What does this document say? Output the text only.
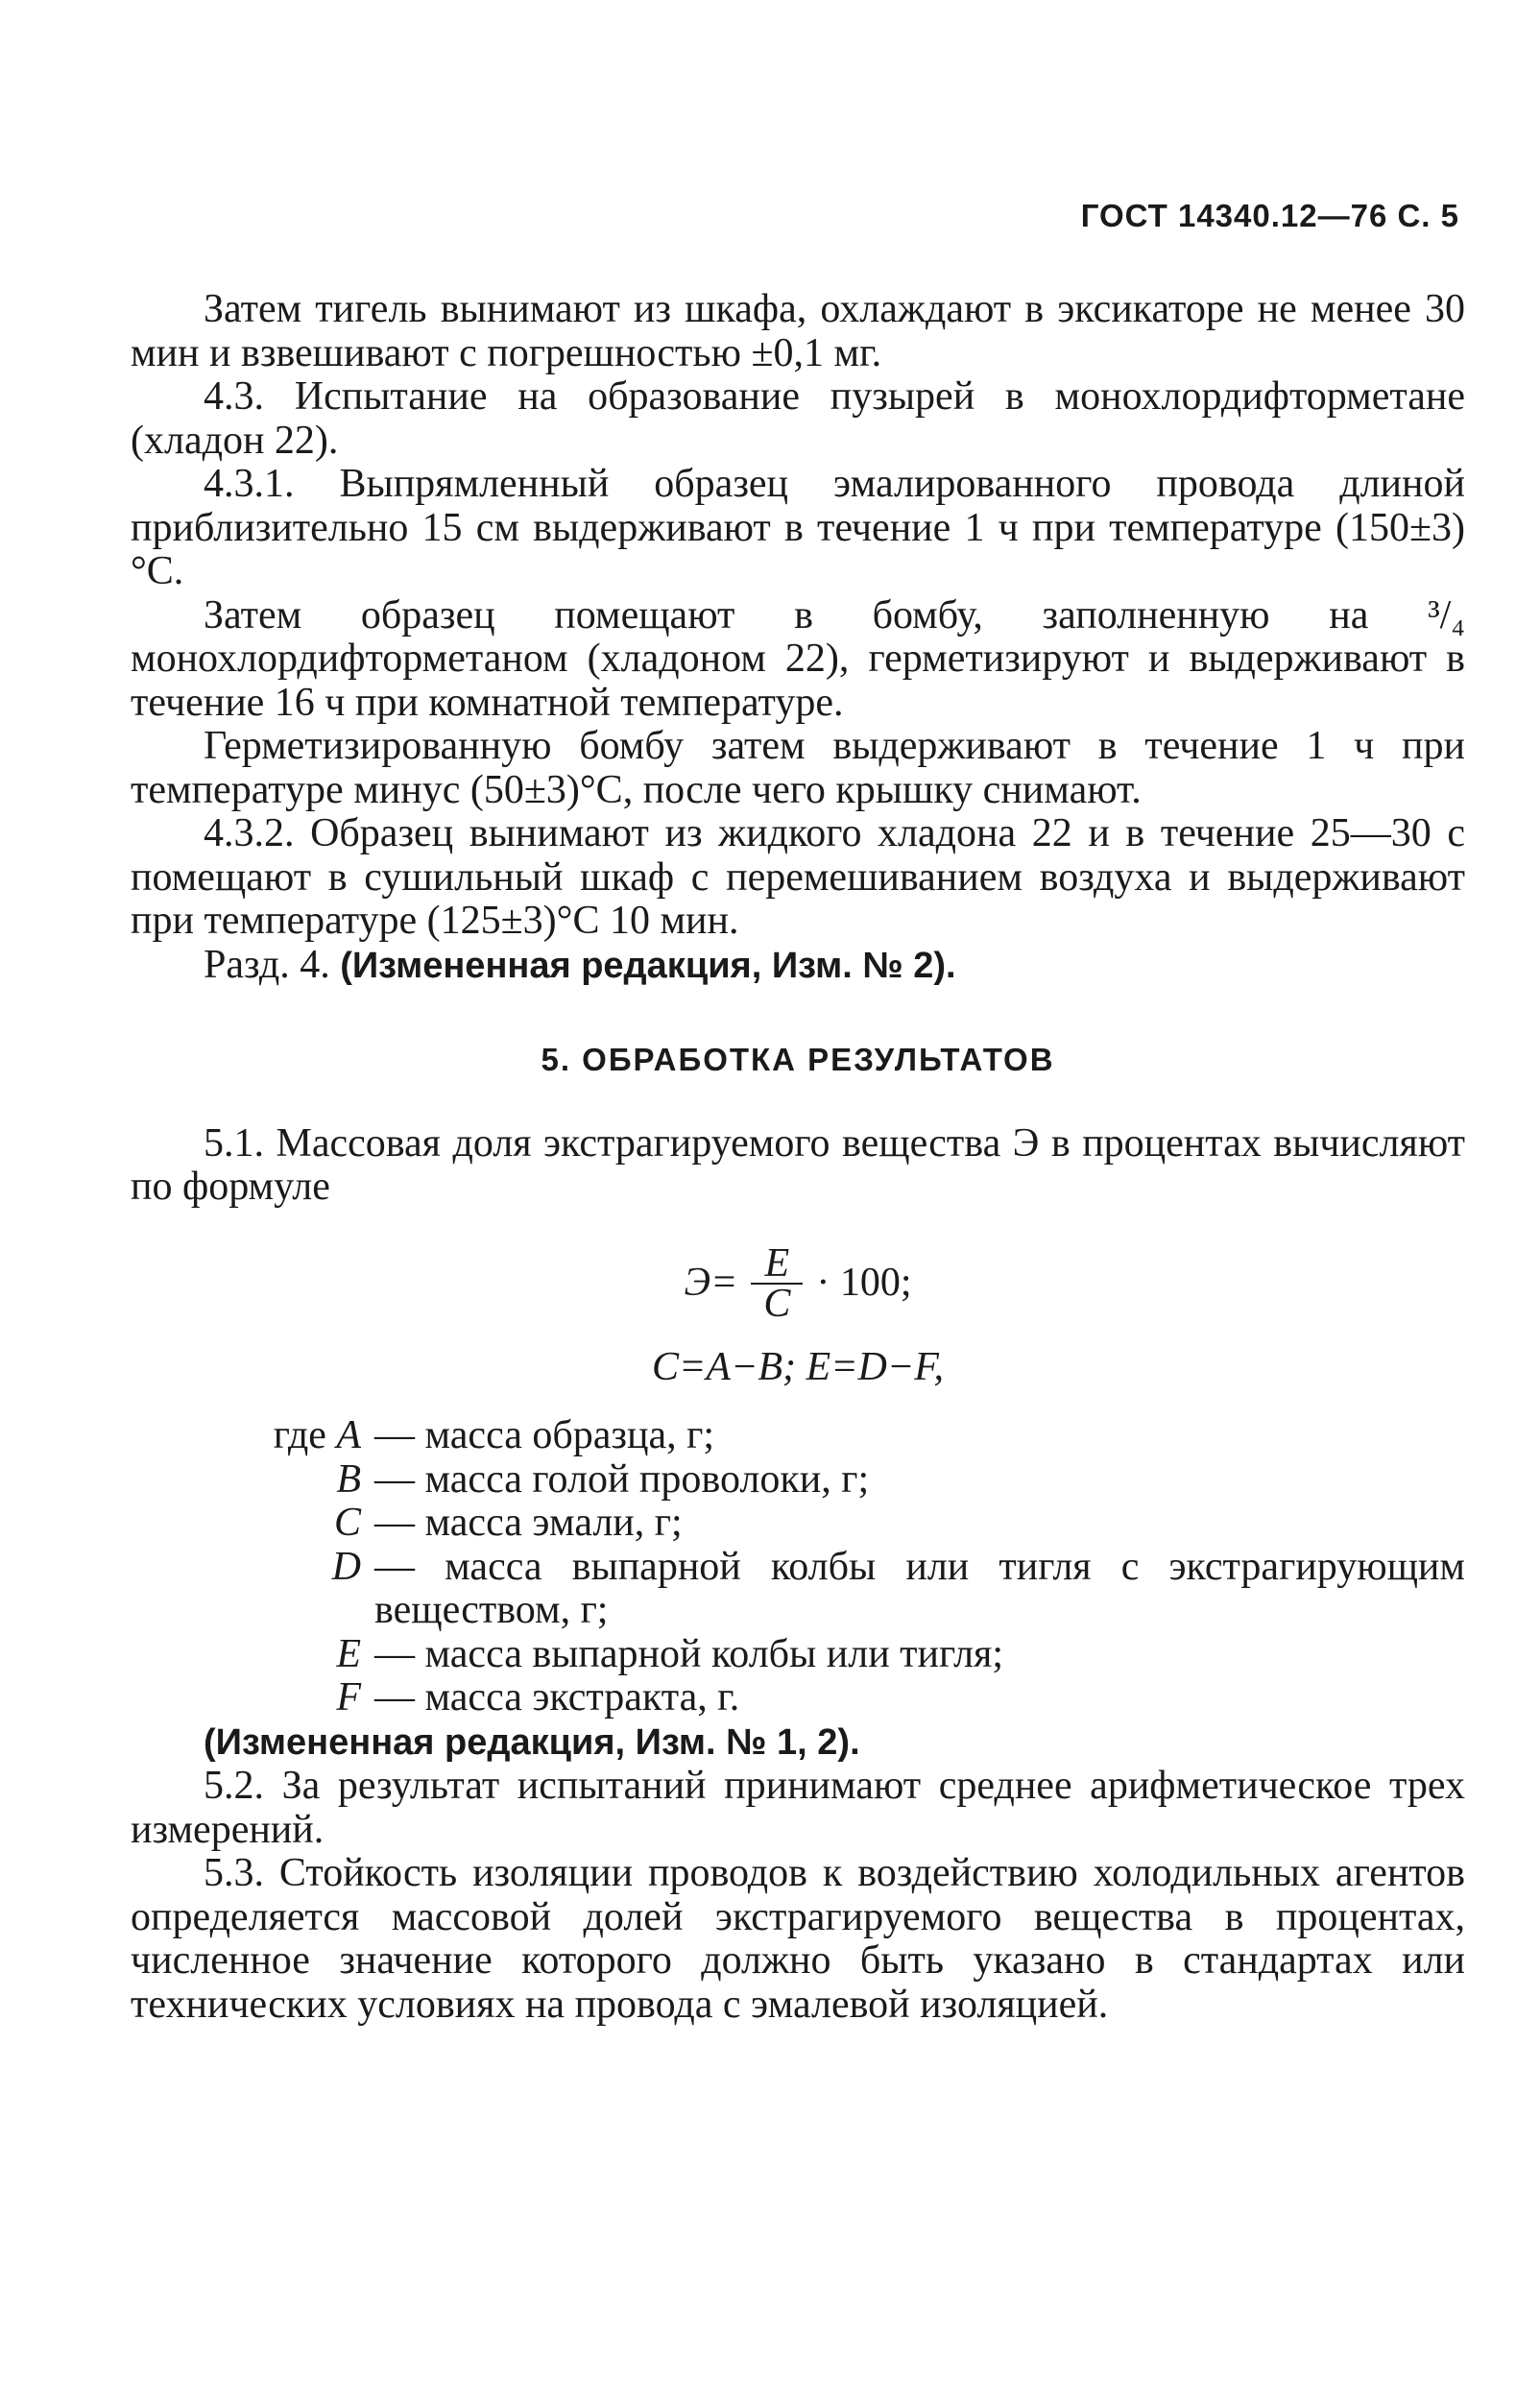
ГОСТ 14340.12—76 С. 5

Затем тигель вынимают из шкафа, охлаждают в эксикаторе не менее 30 мин и взвешивают с погрешностью ±0,1 мг.

4.3. Испытание на образование пузырей в монохлордифторметане (хладон 22).

4.3.1. Выпрямленный образец эмалированного провода длиной приблизительно 15 см выдерживают в течение 1 ч при температуре (150±3)°С.

Затем образец помещают в бомбу, заполненную на ³/₄ монохлордифторметаном (хладоном 22), герметизируют и выдерживают в течение 16 ч при комнатной температуре.

Герметизированную бомбу затем выдерживают в течение 1 ч при температуре минус (50±3)°С, после чего крышку снимают.

4.3.2. Образец вынимают из жидкого хладона 22 и в течение 25—30 с помещают в сушильный шкаф с перемешиванием воздуха и выдерживают при температуре (125±3)°С 10 мин.

Разд. 4. (Измененная редакция, Изм. № 2).

5. ОБРАБОТКА РЕЗУЛЬТАТОВ

5.1. Массовая доля экстрагируемого вещества Э в процентах вычисляют по формуле

$Э= \frac{E}{C} \cdot 100$;
C=A−B; E=D−F,
где A — масса образца, г;
B — масса голой проволоки, г;
C — масса эмали, г;
D — масса выпарной колбы или тигля с экстрагирующим веществом, г;
E — масса выпарной колбы или тигля;
F — масса экстракта, г.

(Измененная редакция, Изм. № 1, 2).

5.2. За результат испытаний принимают среднее арифметическое трех измерений.

5.3. Стойкость изоляции проводов к воздействию холодильных агентов определяется массовой долей экстрагируемого вещества в процентах, численное значение которого должно быть указано в стандартах или технических условиях на провода с эмалевой изоляцией.
